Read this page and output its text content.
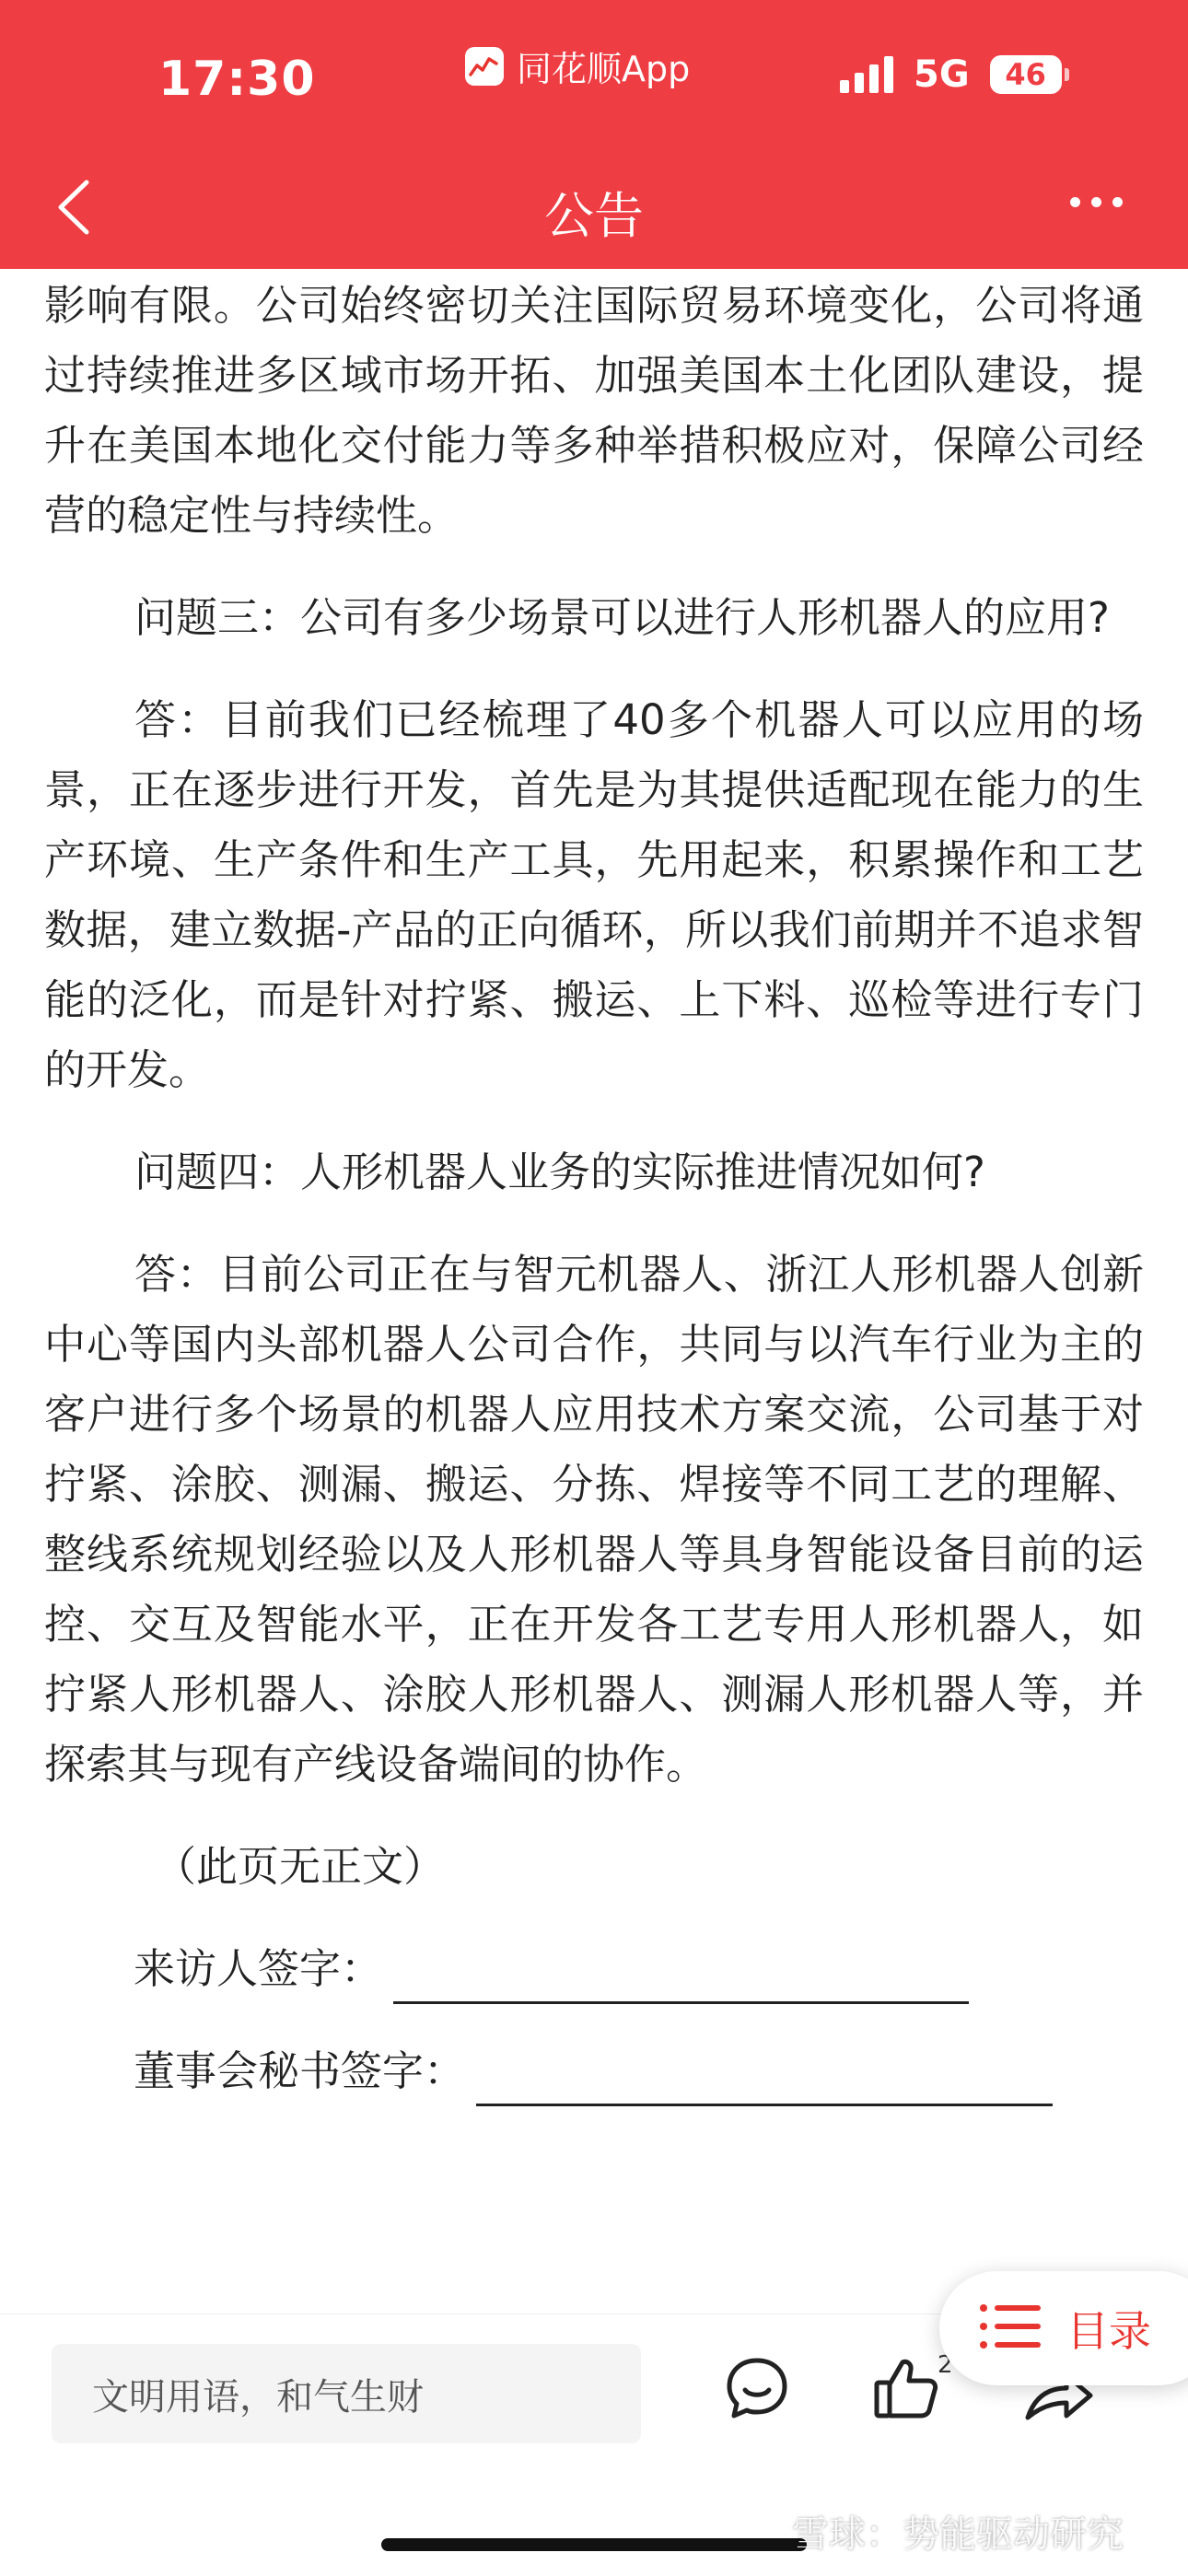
17:30	同花顺App	5G	46
公告

影响有限。公司始终密切关注国际贸易环境变化，公司将通过持续推进多区域市场开拓、加强美国本土化团队建设，提升在美国本地化交付能力等多种举措积极应对，保障公司经营的稳定性与持续性。

问题三：公司有多少场景可以进行人形机器人的应用?

答：目前我们已经梳理了40多个机器人可以应用的场景，正在逐步进行开发，首先是为其提供适配现在能力的生产环境、生产条件和生产工具，先用起来，积累操作和工艺数据，建立数据-产品的正向循环，所以我们前期并不追求智能的泛化，而是针对拧紧、搬运、上下料、巡检等进行专门的开发。

问题四：人形机器人业务的实际推进情况如何?

答：目前公司正在与智元机器人、浙江人形机器人创新中心等国内头部机器人公司合作，共同与以汽车行业为主的客户进行多个场景的机器人应用技术方案交流，公司基于对拧紧、涂胶、测漏、搬运、分拣、焊接等不同工艺的理解、整线系统规划经验以及人形机器人等具身智能设备目前的运控、交互及智能水平，正在开发各工艺专用人形机器人，如拧紧人形机器人、涂胶人形机器人、测漏人形机器人等，并探索其与现有产线设备端间的协作。

（此页无正文）
来访人签字：
董事会秘书签字：
文明用语，和气生财
2
目录
雪球：势能驱动研究
